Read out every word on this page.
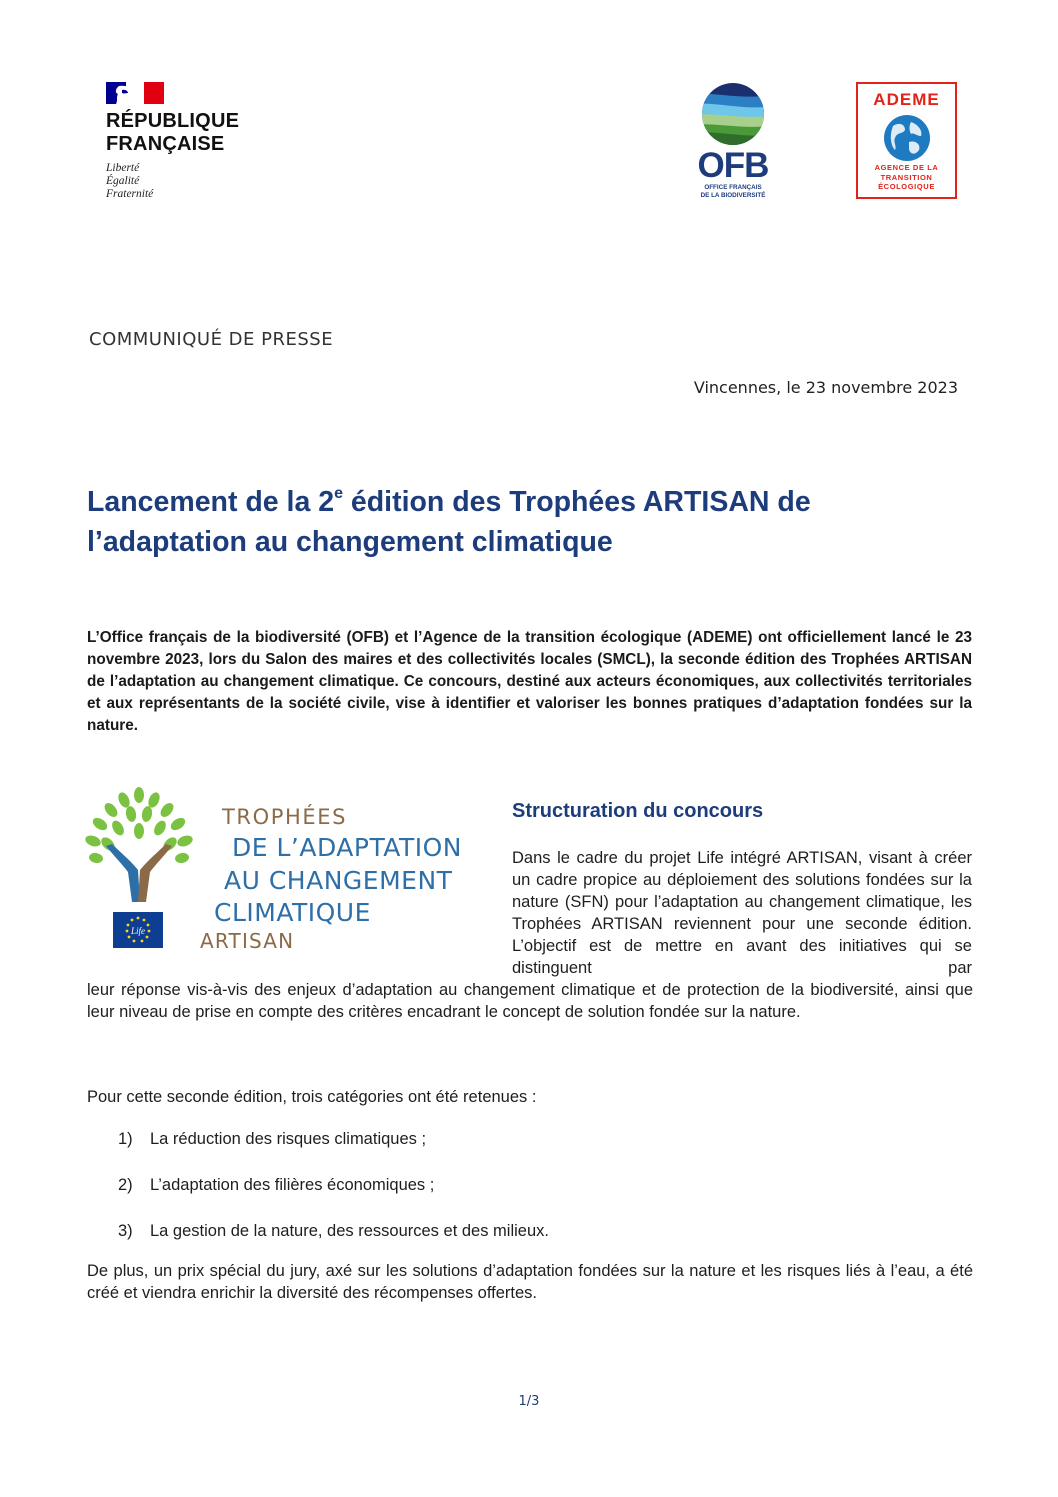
RÉPUBLIQUE
FRANÇAISE
Liberté
Égalité
Fraternité
OFB
OFFICE FRANÇAIS
DE LA BIODIVERSITÉ
ADEME
AGENCE DE LA
TRANSITION
ÉCOLOGIQUE
COMMUNIQUÉ DE PRESSE
Vincennes, le 23 novembre 2023
Lancement de la 2e édition des Trophées ARTISAN de l’adaptation au changement climatique

L’Office français de la biodiversité (OFB) et l’Agence de la transition écologique (ADEME) ont officiellement lancé le 23 novembre 2023, lors du Salon des maires et des collectivités locales (SMCL), la seconde édition des Trophées ARTISAN de l’adaptation au changement climatique. Ce concours, destiné aux acteurs économiques, aux collectivités territoriales et aux représentants de la société civile, vise à identifier et valoriser les bonnes pratiques d’adaptation fondées sur la nature.

Life
TROPHÉES
DE L’ADAPTATION
AU CHANGEMENT
CLIMATIQUE
ARTISAN
Structuration du concours

Dans le cadre du projet Life intégré ARTISAN, visant à créer un cadre propice au déploiement des solutions fondées sur la nature (SFN) pour l’adaptation au changement climatique, les Trophées ARTISAN reviennent pour une seconde édition. L’objectif est de mettre en avant des initiatives qui se distinguent par

leur réponse vis-à-vis des enjeux d’adaptation au changement climatique et de protection de la biodiversité, ainsi que leur niveau de prise en compte des critères encadrant le concept de solution fondée sur la nature.

Pour cette seconde édition, trois catégories ont été retenues :

1) La réduction des risques climatiques ;
2) L’adaptation des filières économiques ;
3) La gestion de la nature, des ressources et des milieux.

De plus, un prix spécial du jury, axé sur les solutions d’adaptation fondées sur la nature et les risques liés à l’eau, a été créé et viendra enrichir la diversité des récompenses offertes.

1/3
